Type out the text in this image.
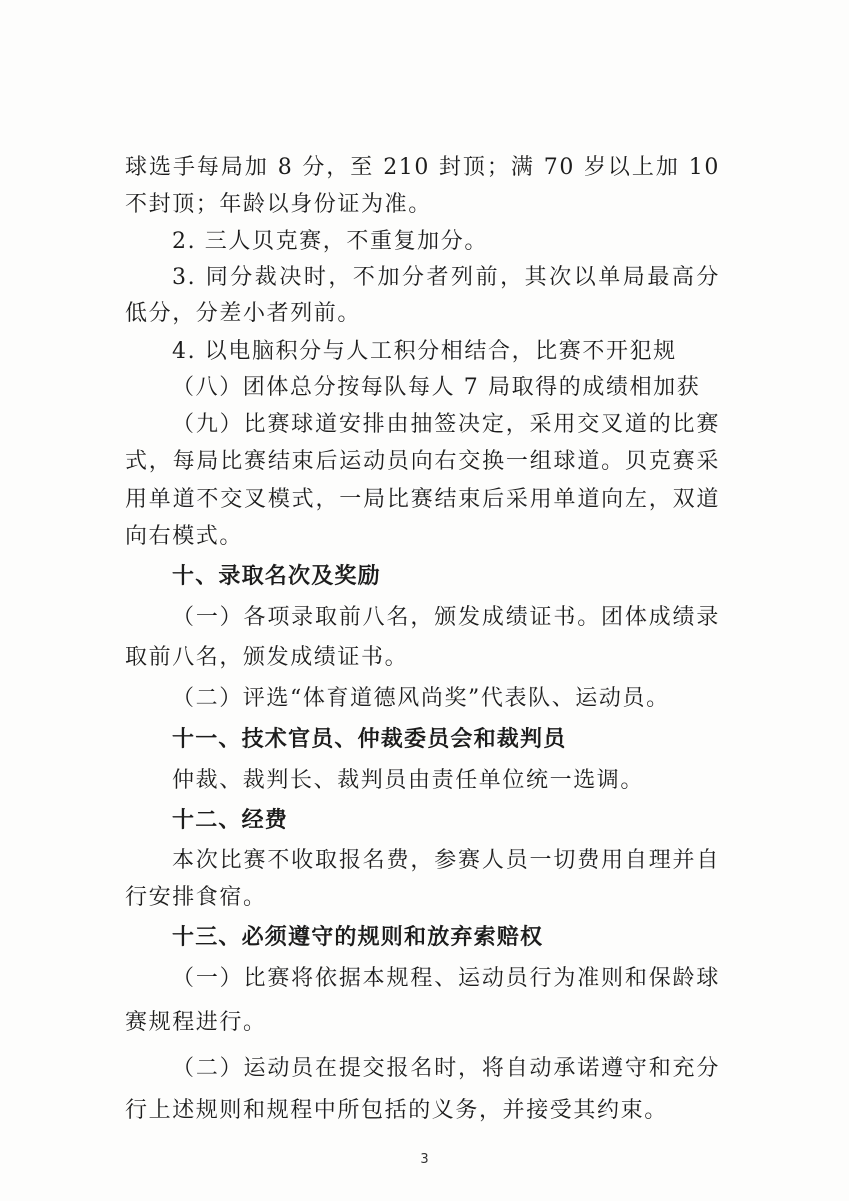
球选手每局加 8 分，至 210 封顶；满 70 岁以上加 10
不封顶；年龄以身份证为准。
2. 三人贝克赛，不重复加分。
3. 同分裁决时，不加分者列前，其次以单局最高分
低分，分差小者列前。
4. 以电脑积分与人工积分相结合，比赛不开犯规
（八）团体总分按每队每人 7 局取得的成绩相加获
（九）比赛球道安排由抽签决定，采用交叉道的比赛
式，每局比赛结束后运动员向右交换一组球道。贝克赛采
用单道不交叉模式，一局比赛结束后采用单道向左，双道
向右模式。
十、录取名次及奖励
（一）各项录取前八名，颁发成绩证书。团体成绩录
取前八名，颁发成绩证书。
（二）评选“体育道德风尚奖”代表队、运动员。
十一、技术官员、仲裁委员会和裁判员
仲裁、裁判长、裁判员由责任单位统一选调。
十二、经费
本次比赛不收取报名费，参赛人员一切费用自理并自
行安排食宿。
十三、必须遵守的规则和放弃索赔权
（一）比赛将依据本规程、运动员行为准则和保龄球
赛规程进行。
（二）运动员在提交报名时，将自动承诺遵守和充分
行上述规则和规程中所包括的义务，并接受其约束。
3
